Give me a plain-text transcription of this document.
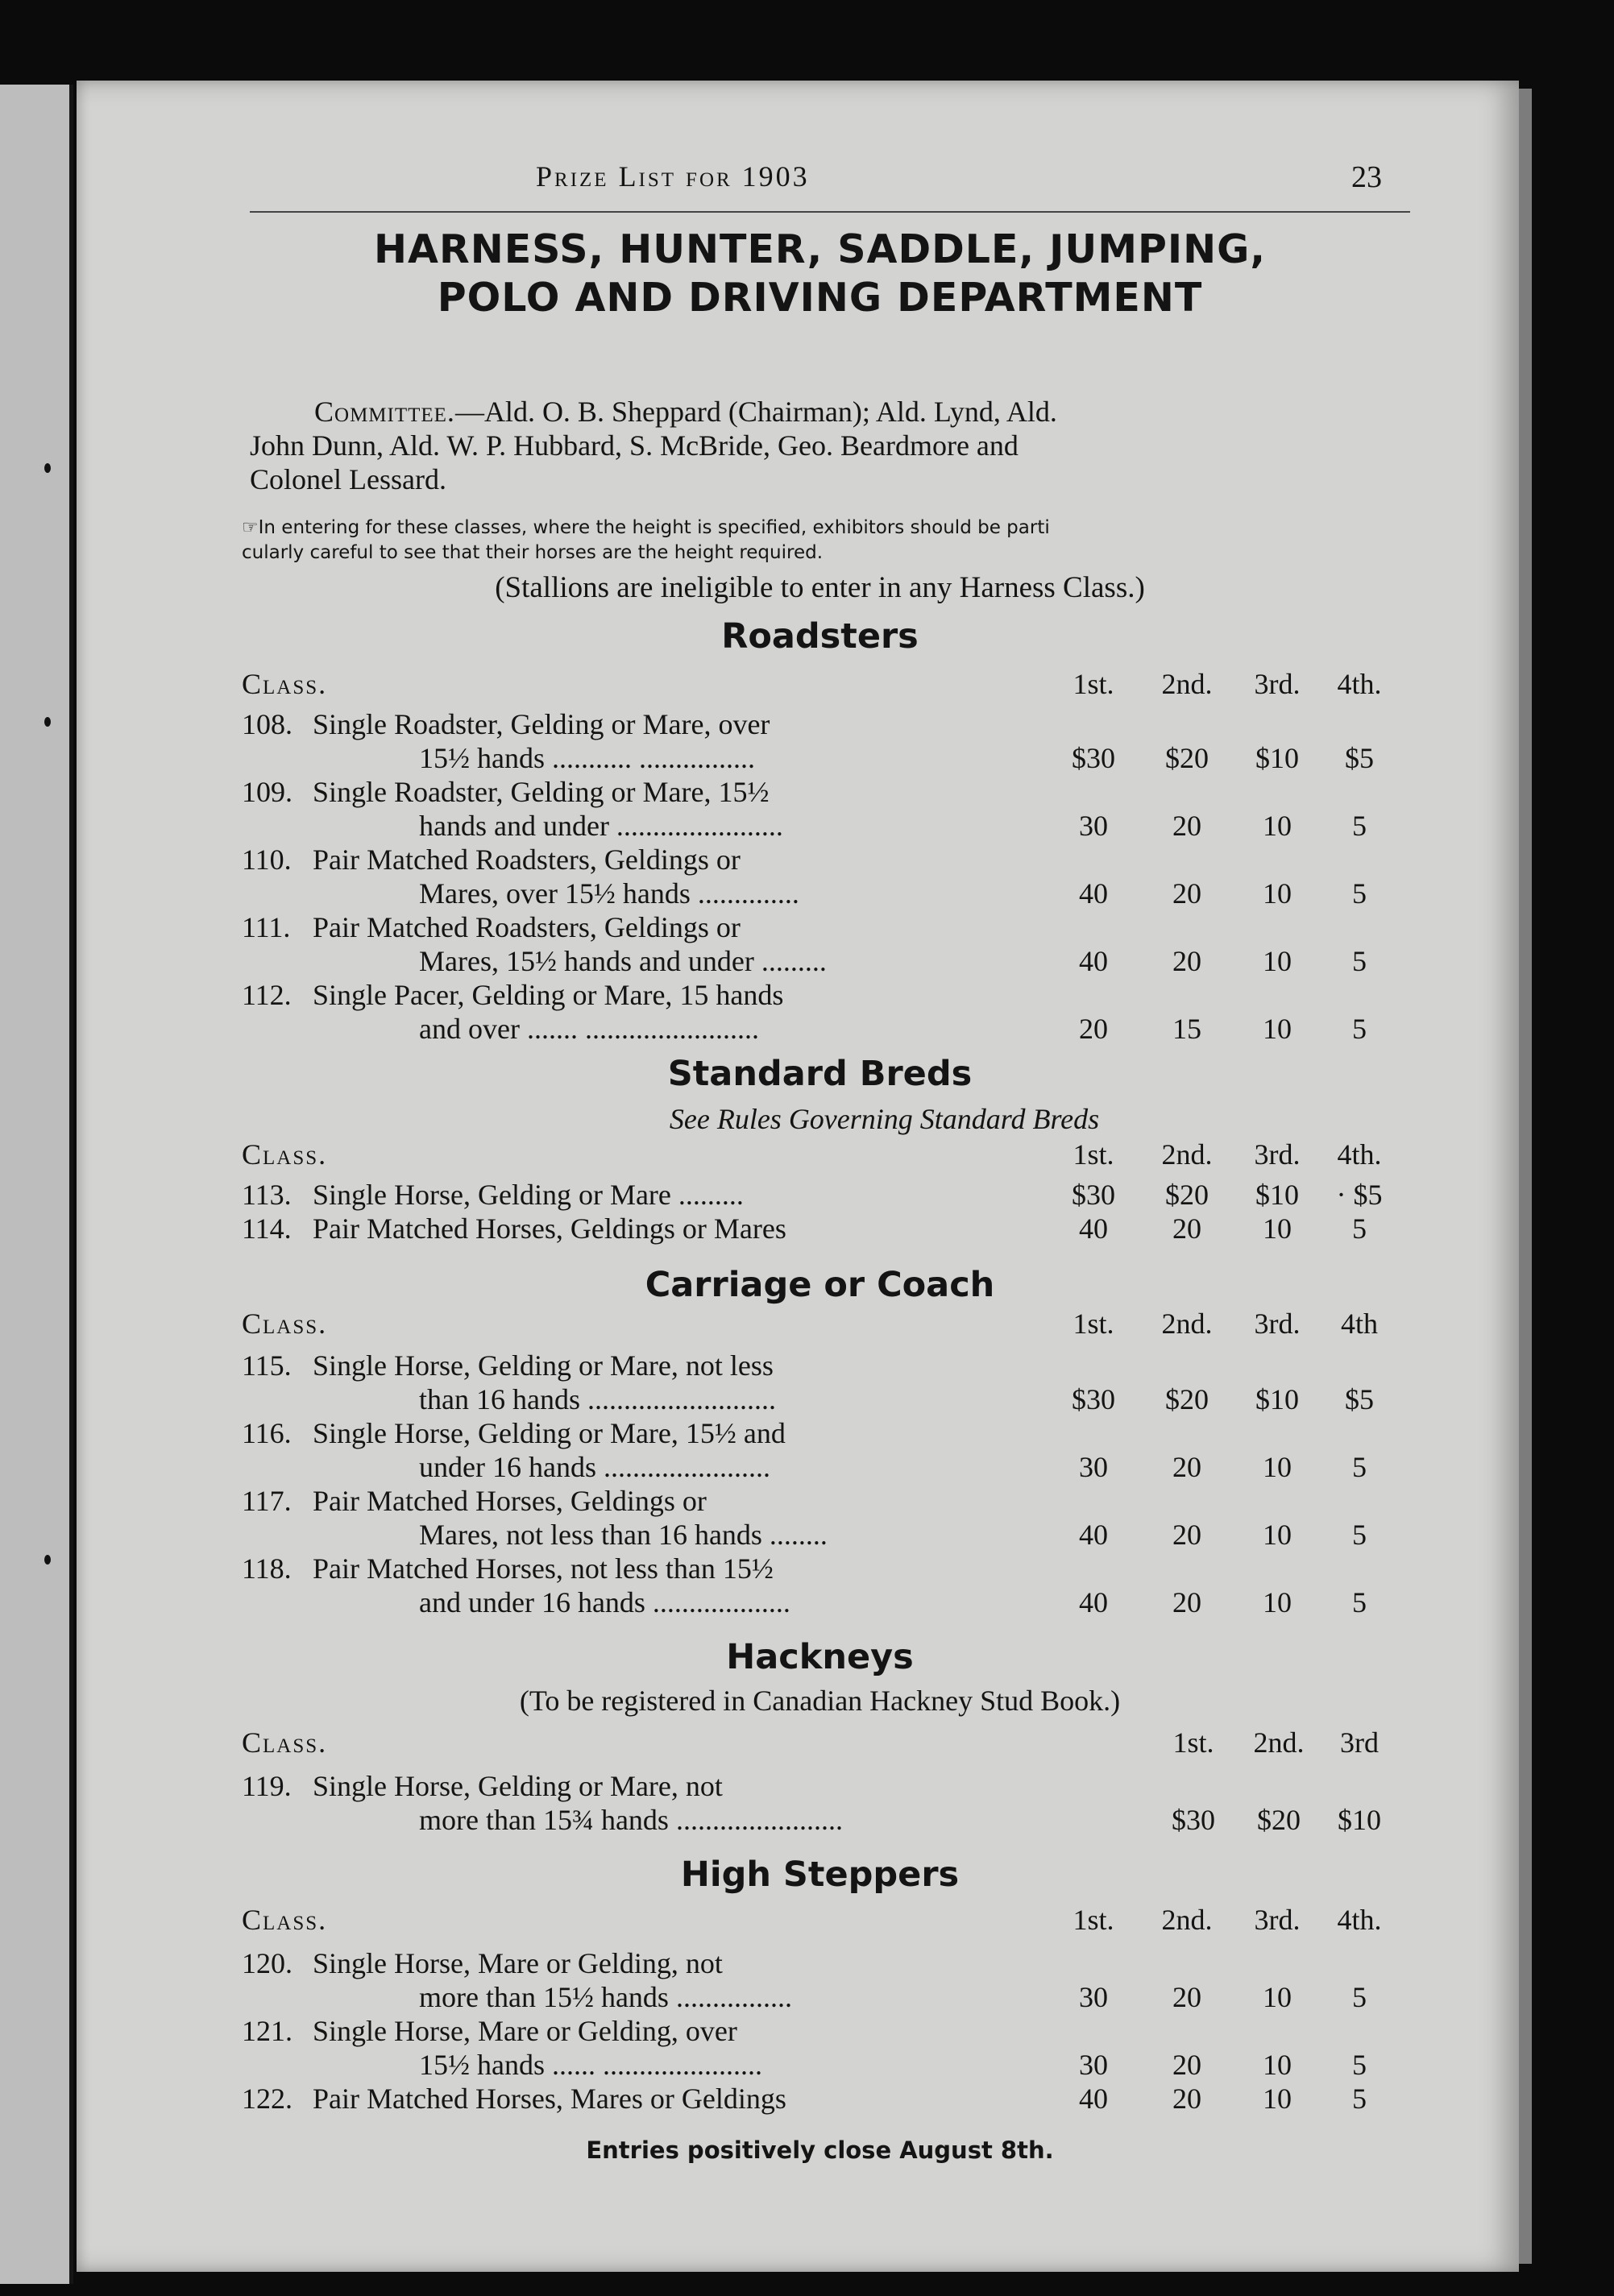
Prize List for 1903	23
HARNESS, HUNTER, SADDLE, JUMPING,
POLO AND DRIVING DEPARTMENT
Committee.—Ald. O. B. Sheppard (Chairman); Ald. Lynd, Ald.
John Dunn, Ald. W. P. Hubbard, S. McBride, Geo. Beardmore and
Colonel Lessard.
☞In entering for these classes, where the height is specified, exhibitors should be parti
cularly careful to see that their horses are the height required.
(Stallions are ineligible to enter in any Harness Class.)
Roadsters
Class.	1st.	2nd.	3rd.	4th.
108. Single Roadster, Gelding or Mare, over
15½ hands ........... ................	$30	$20	$10	$5
109. Single Roadster, Gelding or Mare, 15½
hands and under .......................	30	20	10	5
110. Pair Matched Roadsters, Geldings or
Mares, over 15½ hands ..............	40	20	10	5
111. Pair Matched Roadsters, Geldings or
Mares, 15½ hands and under .........	40	20	10	5
112. Single Pacer, Gelding or Mare, 15 hands
and over ....... ........................	20	15	10	5
Standard Breds
See Rules Governing Standard Breds
Class.	1st.	2nd.	3rd.	4th.
113. Single Horse, Gelding or Mare .........	$30	$20	$10	· $5
114. Pair Matched Horses, Geldings or Mares	40	20	10	5
Carriage or Coach
Class.	1st.	2nd.	3rd.	4th
115. Single Horse, Gelding or Mare, not less
than 16 hands ..........................	$30	$20	$10	$5
116. Single Horse, Gelding or Mare, 15½ and
under 16 hands .......................	30	20	10	5
117. Pair Matched Horses, Geldings or
Mares, not less than 16 hands ........	40	20	10	5
118. Pair Matched Horses, not less than 15½
and under 16 hands ...................	40	20	10	5
Hackneys
(To be registered in Canadian Hackney Stud Book.)
Class.	1st.	2nd.	3rd
119. Single Horse, Gelding or Mare, not
more than 15¾ hands .......................	$30	$20	$10
High Steppers
Class.	1st.	2nd.	3rd.	4th.
120. Single Horse, Mare or Gelding, not
more than 15½ hands ................	30	20	10	5
121. Single Horse, Mare or Gelding, over
15½ hands ...... ......................	30	20	10	5
122. Pair Matched Horses, Mares or Geldings	40	20	10	5
Entries positively close August 8th.
